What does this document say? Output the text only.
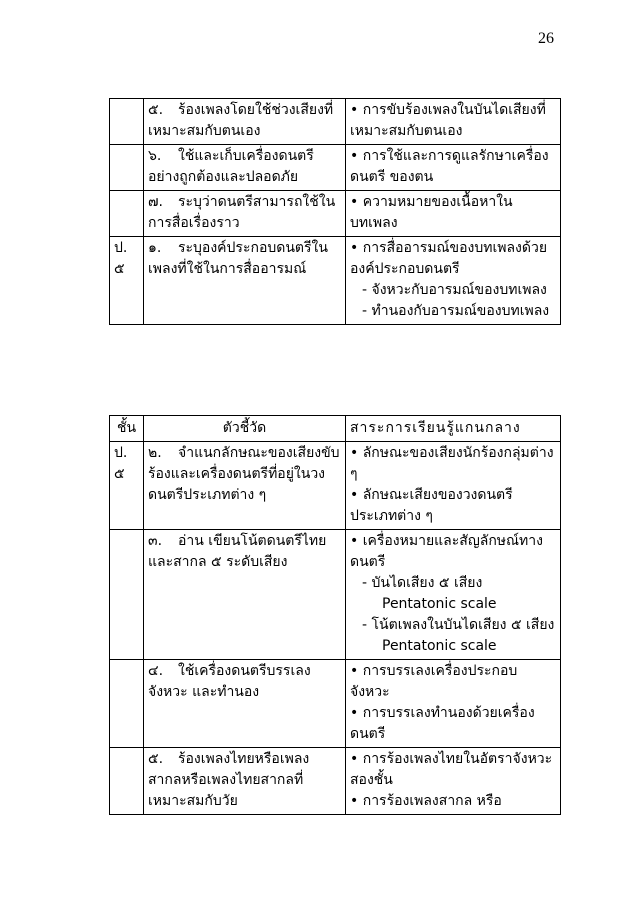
26
	๕. ร้องเพลงโดยใช้ช่วงเสียงที่เหมาะสมกับตนเอง	• การขับร้องเพลงในบันไดเสียงที่เหมาะสมกับตนเอง

	๖. ใช้และเก็บเครื่องดนตรีอย่างถูกต้องและปลอดภัย	• การใช้และการดูแลรักษาเครื่องดนตรี ของตน

	๗. ระบุว่าดนตรีสามารถใช้ในการสื่อเรื่องราว	• ความหมายของเนื้อหาในบทเพลง

ป.
๕	๑. ระบุองค์ประกอบดนตรีในเพลงที่ใช้ในการสื่ออารมณ์	• การสื่ออารมณ์ของบทเพลงด้วยองค์ประกอบดนตรี
- จังหวะกับอารมณ์ของบทเพลง
- ทำนองกับอารมณ์ของบทเพลง
ชั้น	ตัวชี้วัด	สาระการเรียนรู้แกนกลาง
ป.
๕	๒. จำแนกลักษณะของเสียงขับร้องและเครื่องดนตรีที่อยู่ในวงดนตรีประเภทต่าง ๆ	• ลักษณะของเสียงนักร้องกลุ่มต่าง ๆ
• ลักษณะเสียงของวงดนตรีประเภทต่าง ๆ

	๓. อ่าน เขียนโน้ตดนตรีไทยและสากล ๕ ระดับเสียง	• เครื่องหมายและสัญลักษณ์ทางดนตรี
- บันไดเสียง ๕ เสียง Pentatonic scale
- โน้ตเพลงในบันไดเสียง ๕ เสียง Pentatonic scale

	๔. ใช้เครื่องดนตรีบรรเลงจังหวะ และทำนอง	• การบรรเลงเครื่องประกอบจังหวะ
• การบรรเลงทำนองด้วยเครื่องดนตรี

	๕. ร้องเพลงไทยหรือเพลงสากลหรือเพลงไทยสากลที่เหมาะสมกับวัย	• การร้องเพลงไทยในอัตราจังหวะสองชั้น
• การร้องเพลงสากล หรือ
